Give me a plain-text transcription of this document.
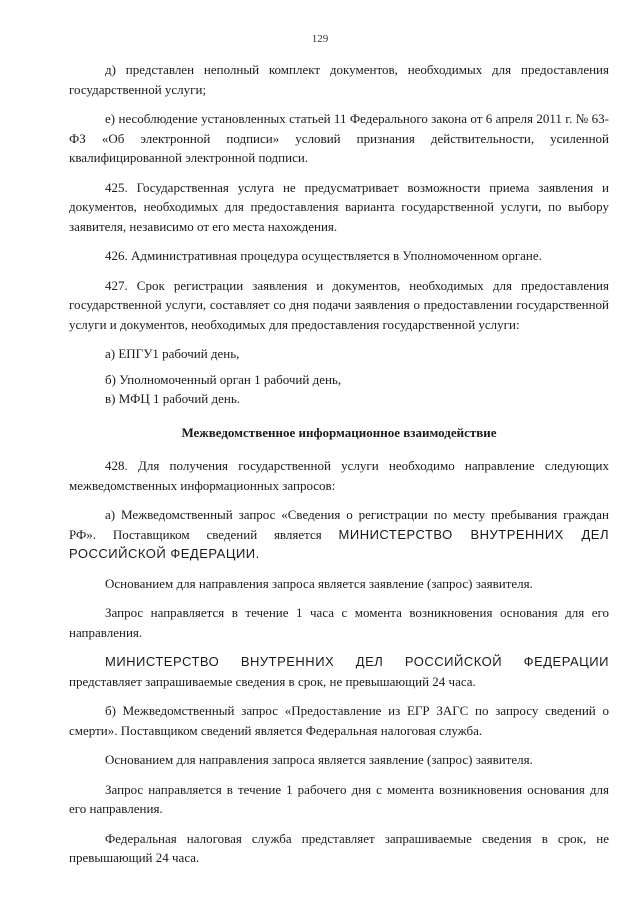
129

д) представлен неполный комплект документов, необходимых для предоставления государственной услуги;

е) несоблюдение установленных статьей 11 Федерального закона от 6 апреля 2011 г. № 63-ФЗ «Об электронной подписи» условий признания действительности, усиленной квалифицированной электронной подписи.

425. Государственная услуга не предусматривает возможности приема заявления и документов, необходимых для предоставления варианта государственной услуги, по выбору заявителя, независимо от его места нахождения.

426. Административная процедура осуществляется в Уполномоченном органе.

427. Срок регистрации заявления и документов, необходимых для предоставления государственной услуги, составляет со дня подачи заявления о предоставлении государственной услуги и документов, необходимых для предоставления государственной услуги:

а) ЕПГУ1 рабочий день,

б) Уполномоченный орган 1 рабочий день,

в) МФЦ 1 рабочий день.

Межведомственное информационное взаимодействие

428. Для получения государственной услуги необходимо направление следующих межведомственных информационных запросов:

а) Межведомственный запрос «Сведения о регистрации по месту пребывания граждан РФ». Поставщиком сведений является МИНИСТЕРСТВО ВНУТРЕННИХ ДЕЛ РОССИЙСКОЙ ФЕДЕРАЦИИ.

Основанием для направления запроса является заявление (запрос) заявителя.

Запрос направляется в течение 1 часа с момента возникновения основания для его направления.

МИНИСТЕРСТВО ВНУТРЕННИХ ДЕЛ РОССИЙСКОЙ ФЕДЕРАЦИИ представляет запрашиваемые сведения в срок, не превышающий 24 часа.

б) Межведомственный запрос «Предоставление из ЕГР ЗАГС по запросу сведений о смерти». Поставщиком сведений является Федеральная налоговая служба.

Основанием для направления запроса является заявление (запрос) заявителя.

Запрос направляется в течение 1 рабочего дня с момента возникновения основания для его направления.

Федеральная налоговая служба представляет запрашиваемые сведения в срок, не превышающий 24 часа.
